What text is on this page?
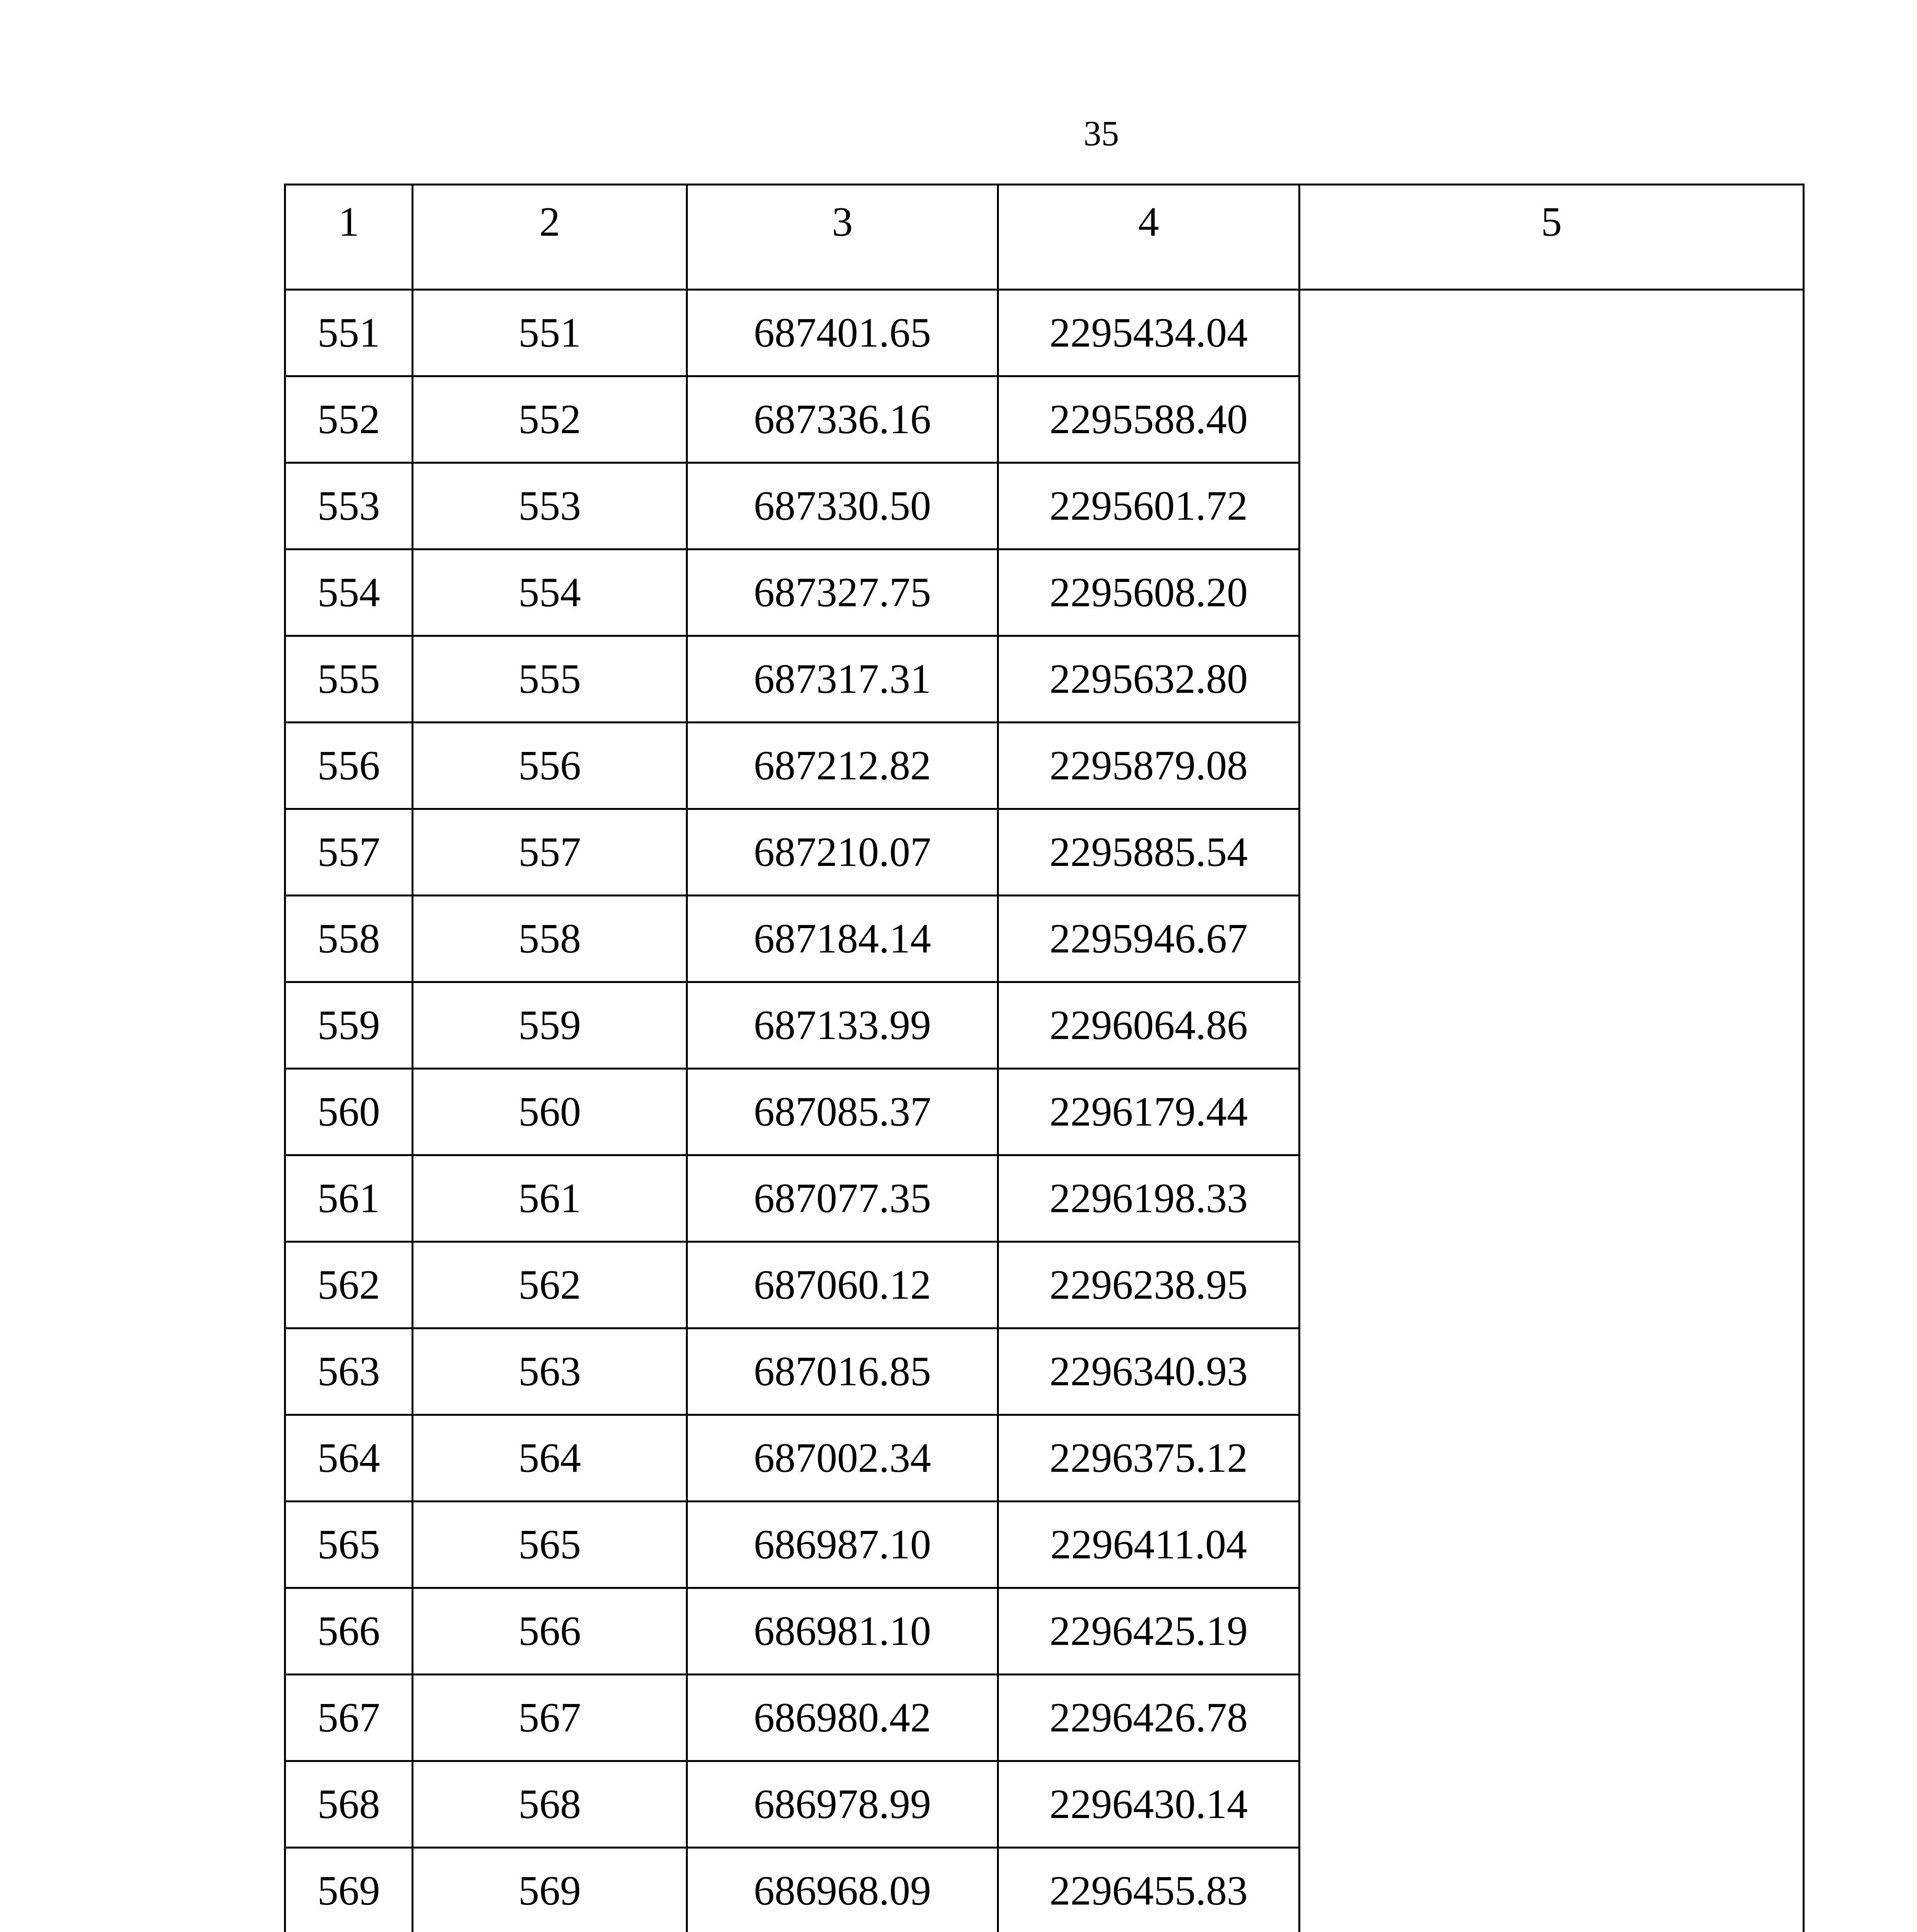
35
1	2	3	4	5
551	551	687401.65	2295434.04	
552	552	687336.16	2295588.40	
553	553	687330.50	2295601.72	
554	554	687327.75	2295608.20	
555	555	687317.31	2295632.80	
556	556	687212.82	2295879.08	
557	557	687210.07	2295885.54	
558	558	687184.14	2295946.67	
559	559	687133.99	2296064.86	
560	560	687085.37	2296179.44	
561	561	687077.35	2296198.33	
562	562	687060.12	2296238.95	
563	563	687016.85	2296340.93	
564	564	687002.34	2296375.12	
565	565	686987.10	2296411.04	
566	566	686981.10	2296425.19	
567	567	686980.42	2296426.78	
568	568	686978.99	2296430.14	
569	569	686968.09	2296455.83	
